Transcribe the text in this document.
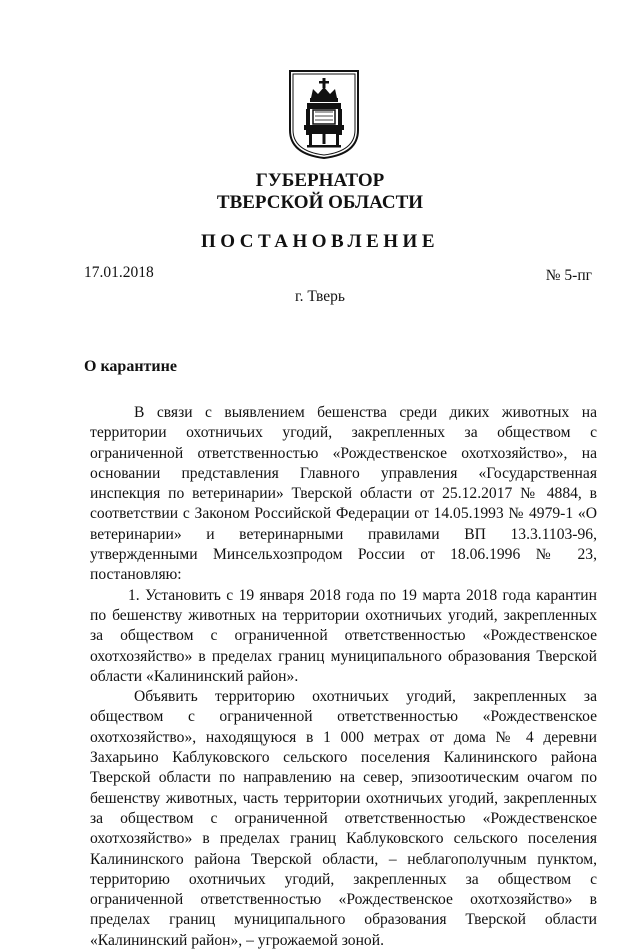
ГУБЕРНАТОР
ТВЕРСКОЙ ОБЛАСТИ
ПОСТАНОВЛЕНИЕ
17.01.2018	№ 5-пг
г. Тверь
О карантине

В связи с выявлением бешенства среди диких животных на территории охотничьих угодий, закрепленных за обществом с ограниченной ответственностью «Рождественское охотхозяйство», на основании представления Главного управления «Государственная инспекция по ветеринарии» Тверской области от 25.12.2017 № 4884, в соответствии с Законом Российской Федерации от 14.05.1993 № 4979-1 «О ветеринарии» и ветеринарными правилами ВП 13.3.1103-96, утвержденными Минсельхозпродом России от 18.06.1996 № 23, постановляю:

1. Установить с 19 января 2018 года по 19 марта 2018 года карантин по бешенству животных на территории охотничьих угодий, закрепленных за обществом с ограниченной ответственностью «Рождественское охотхозяйство» в пределах границ муниципального образования Тверской области «Калининский район».

Объявить территорию охотничьих угодий, закрепленных за обществом с ограниченной ответственностью «Рождественское охотхозяйство», находящуюся в 1 000 метрах от дома № 4 деревни Захарьино Каблуковского сельского поселения Калининского района Тверской области по направлению на север, эпизоотическим очагом по бешенству животных, часть территории охотничьих угодий, закрепленных за обществом с ограниченной ответственностью «Рождественское охотхозяйство» в пределах границ Каблуковского сельского поселения Калининского района Тверской области, – неблагополучным пунктом, территорию охотничьих угодий, закрепленных за обществом с ограниченной ответственностью «Рождественское охотхозяйство» в пределах границ муниципального образования Тверской области «Калининский район», – угрожаемой зоной.
